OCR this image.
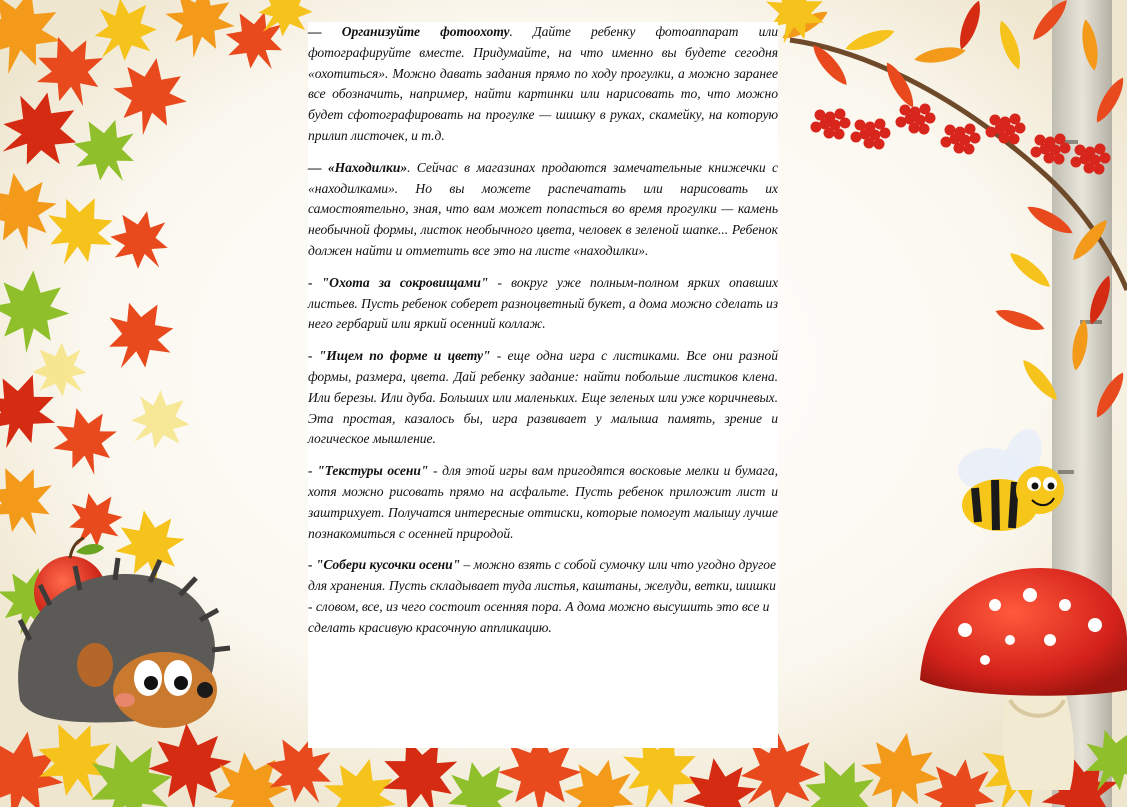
— Организуйте фотоохоту. Дайте ребенку фотоаппарат или фотографируйте вместе. Придумайте, на что именно вы будете сегодня «охотиться». Можно давать задания прямо по ходу прогулки, а можно заранее все обозначить, например, найти картинки или нарисовать то, что можно будет сфотографировать на прогулке — шишку в руках, скамейку, на которую прилип листочек, и т.д.

— «Находилки». Сейчас в магазинах продаются замечательные книжечки с «находилками». Но вы можете распечатать или нарисовать их самостоятельно, зная, что вам может попасться во время прогулки — камень необычной формы, листок необычного цвета, человек в зеленой шапке... Ребенок должен найти и отметить все это на листе «находилки».

- "Охота за сокровищами" - вокруг уже полным-полном ярких опавших листьев. Пусть ребенок соберет разноцветный букет, а дома можно сделать из него гербарий или яркий осенний коллаж.

- "Ищем по форме и цвету" - еще одна игра с листиками. Все они разной формы, размера, цвета. Дай ребенку задание: найти побольше листиков клена. Или березы. Или дуба. Больших или маленьких. Еще зеленых или уже коричневых. Эта простая, казалось бы, игра развивает у малыша память, зрение и логическое мышление.

- "Текстуры осени" - для этой игры вам пригодятся восковые мелки и бумага, хотя можно рисовать прямо на асфальте. Пусть ребенок приложит лист и заштрихует. Получатся интересные оттиски, которые помогут малышу лучше познакомиться с осенней природой.

- "Собери кусочки осени" – можно взять с собой сумочку или что угодно другое для хранения. Пусть складывает туда листья, каштаны, желуди, ветки, шишки - словом, все, из чего состоит осенняя пора. А дома можно высушить это все и сделать красивую красочную аппликацию.
